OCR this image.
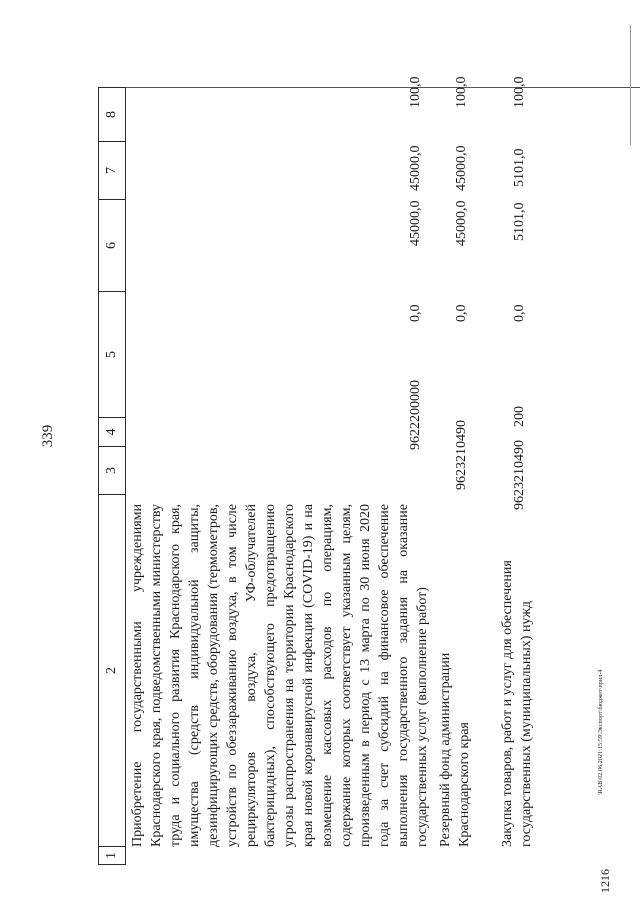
339
1
2
3
4
5
6
7
8
Приобретение государственными учреждениями Краснодарского края, подведомственными министерству труда и социального развития Краснодарского края, имущества (средств индивидуальной защиты, дезинфицирующих средств, оборудования (термометров, устройств по обеззараживанию воздуха, в том числе рециркуляторов воздуха, УФ-облучателей бактерицидных), способствующего предотвращению угрозы распространения на территории Краснодарского края новой коронавирусной инфекции (COVID-19) и на возмещение кассовых расходов по операциям, содержание которых соответствует указанным целям, произведенным в период с 13 марта по 30 июня 2020 года за счет субсидий на финансовое обеспечение выполнения государственного задания на оказание государственных услуг (выполнение работ)
9622200000
0,0
45000,0
45000,0
100,0
Резервный фонд администрации Краснодарского края
9623210490
0,0
45000,0
45000,0
100,0
Закупка товаров, работ и услуг для обеспечения государственных (муниципальных) нужд
9623210490
200
0,0
5101,0
5101,0
100,0
\RAB\02.06.2021\15:59\Экспорт\бюджет\прил-4
1216
